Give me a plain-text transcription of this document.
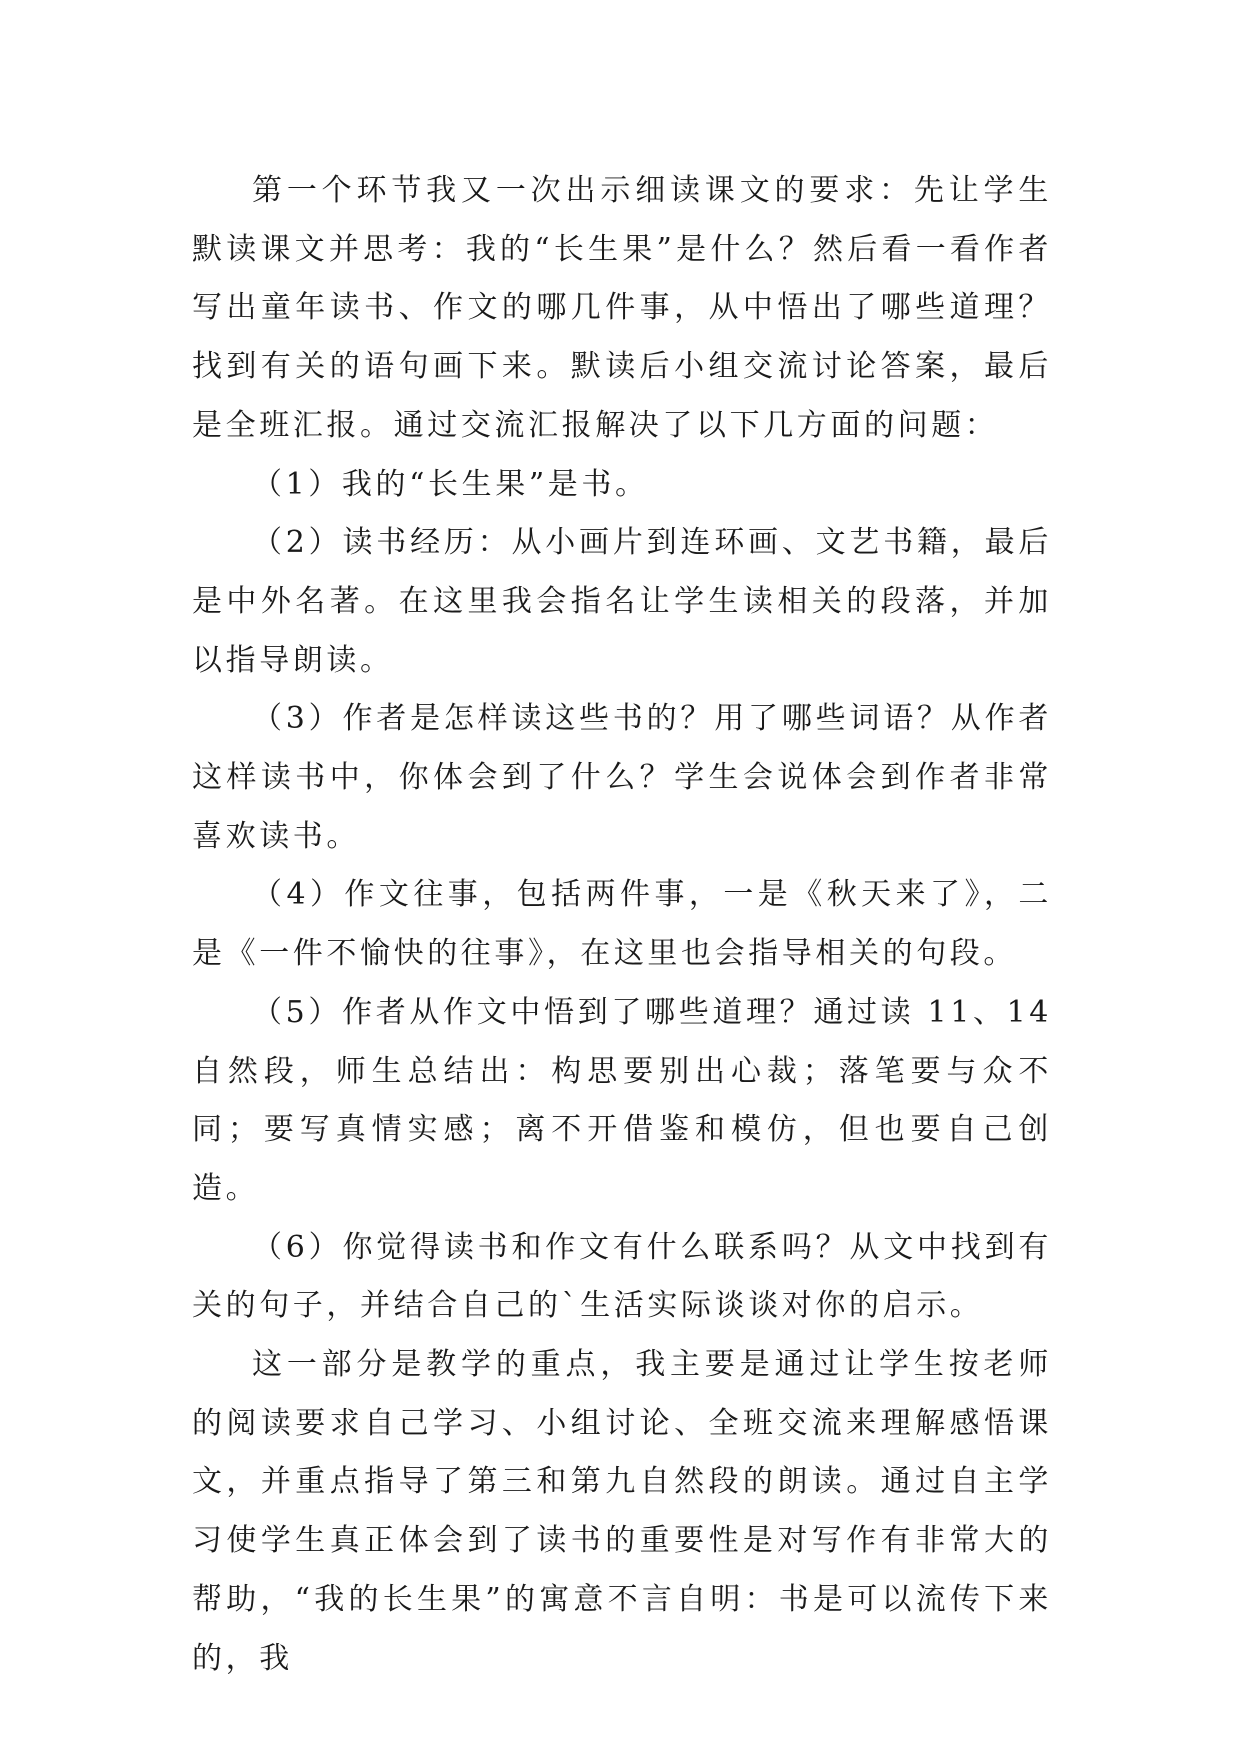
第一个环节我又一次出示细读课文的要求：先让学生默读课文并思考：我的“长生果”是什么？然后看一看作者写出童年读书、作文的哪几件事，从中悟出了哪些道理？找到有关的语句画下来。默读后小组交流讨论答案，最后是全班汇报。通过交流汇报解决了以下几方面的问题：

（1）我的“长生果”是书。

（2）读书经历：从小画片到连环画、文艺书籍，最后是中外名著。在这里我会指名让学生读相关的段落，并加以指导朗读。

（3）作者是怎样读这些书的？用了哪些词语？从作者这样读书中，你体会到了什么？学生会说体会到作者非常喜欢读书。

（4）作文往事，包括两件事，一是《秋天来了》，二是《一件不愉快的往事》，在这里也会指导相关的句段。

（5）作者从作文中悟到了哪些道理？通过读 11、14 自然段，师生总结出：构思要别出心裁；落笔要与众不同；要写真情实感；离不开借鉴和模仿，但也要自己创造。

（6）你觉得读书和作文有什么联系吗？从文中找到有关的句子，并结合自己的`生活实际谈谈对你的启示。

这一部分是教学的重点，我主要是通过让学生按老师的阅读要求自己学习、小组讨论、全班交流来理解感悟课文，并重点指导了第三和第九自然段的朗读。通过自主学习使学生真正体会到了读书的重要性是对写作有非常大的帮助，“我的长生果”的寓意不言自明：书是可以流传下来的，我
